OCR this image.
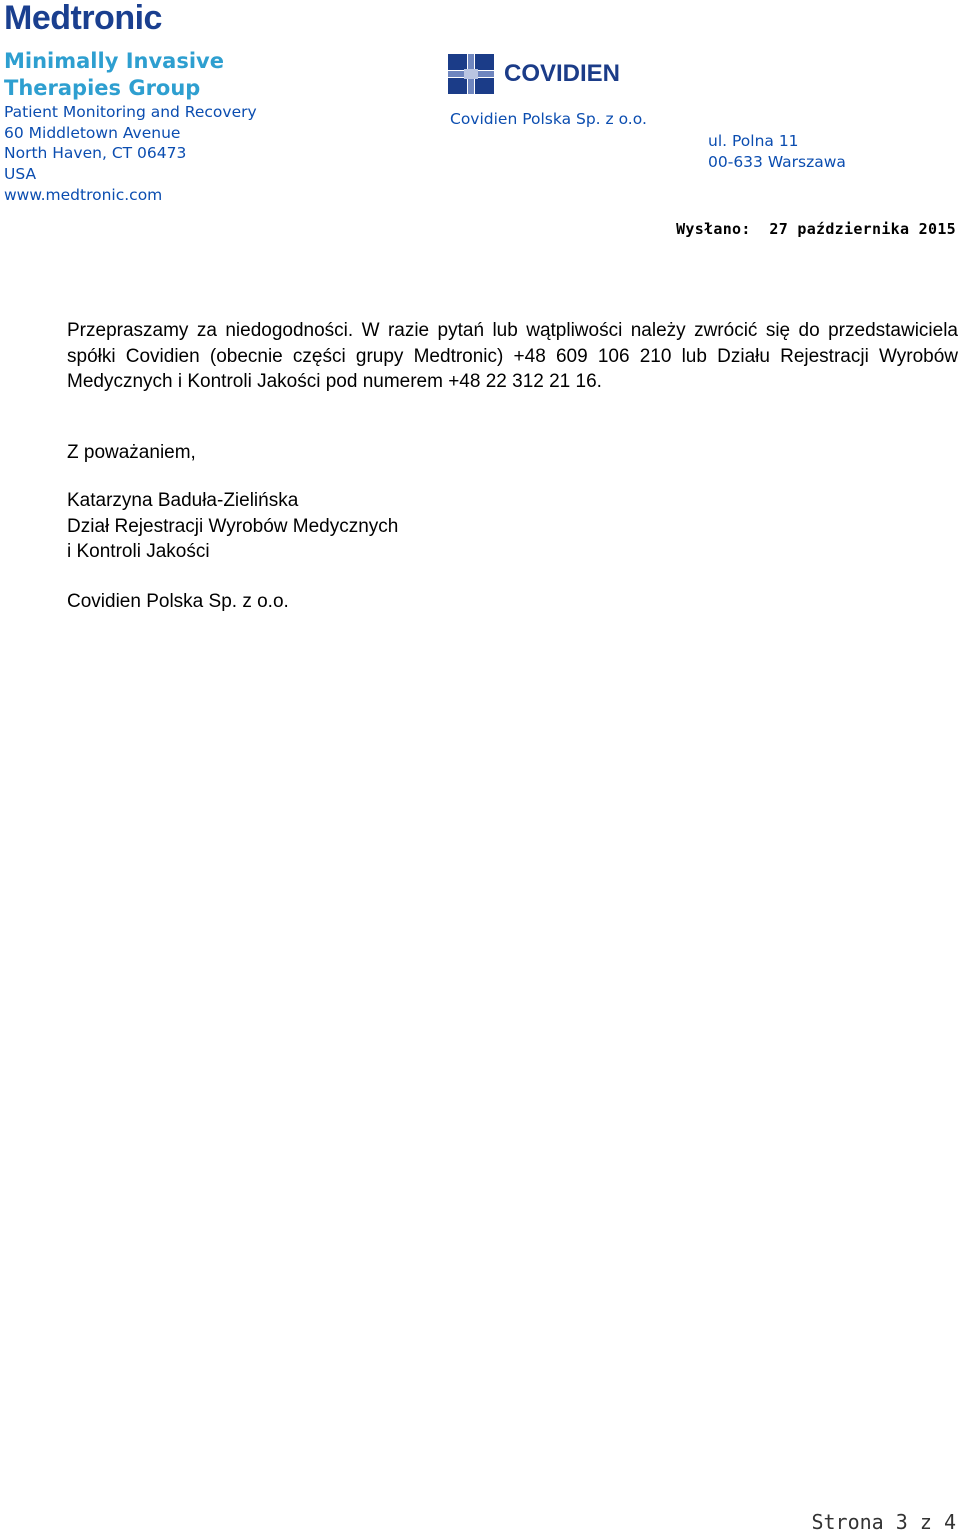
Medtronic
Minimally Invasive Therapies Group
Patient Monitoring and Recovery
60 Middletown Avenue
North Haven, CT 06473
USA
www.medtronic.com
COVIDIEN
Covidien Polska Sp. z o.o.
ul. Polna 11
00-633 Warszawa
Wysłano:  27 października 2015
Przepraszamy za niedogodności. W razie pytań lub wątpliwości należy zwrócić się do przedstawiciela spółki Covidien (obecnie części grupy Medtronic) +48 609 106 210 lub Działu Rejestracji Wyrobów Medycznych i Kontroli Jakości pod numerem +48 22 312 21 16.
Z poważaniem,
Katarzyna Baduła-Zielińska
Dział Rejestracji Wyrobów Medycznych
i Kontroli Jakości
Covidien Polska Sp. z o.o.
Strona 3 z 4
